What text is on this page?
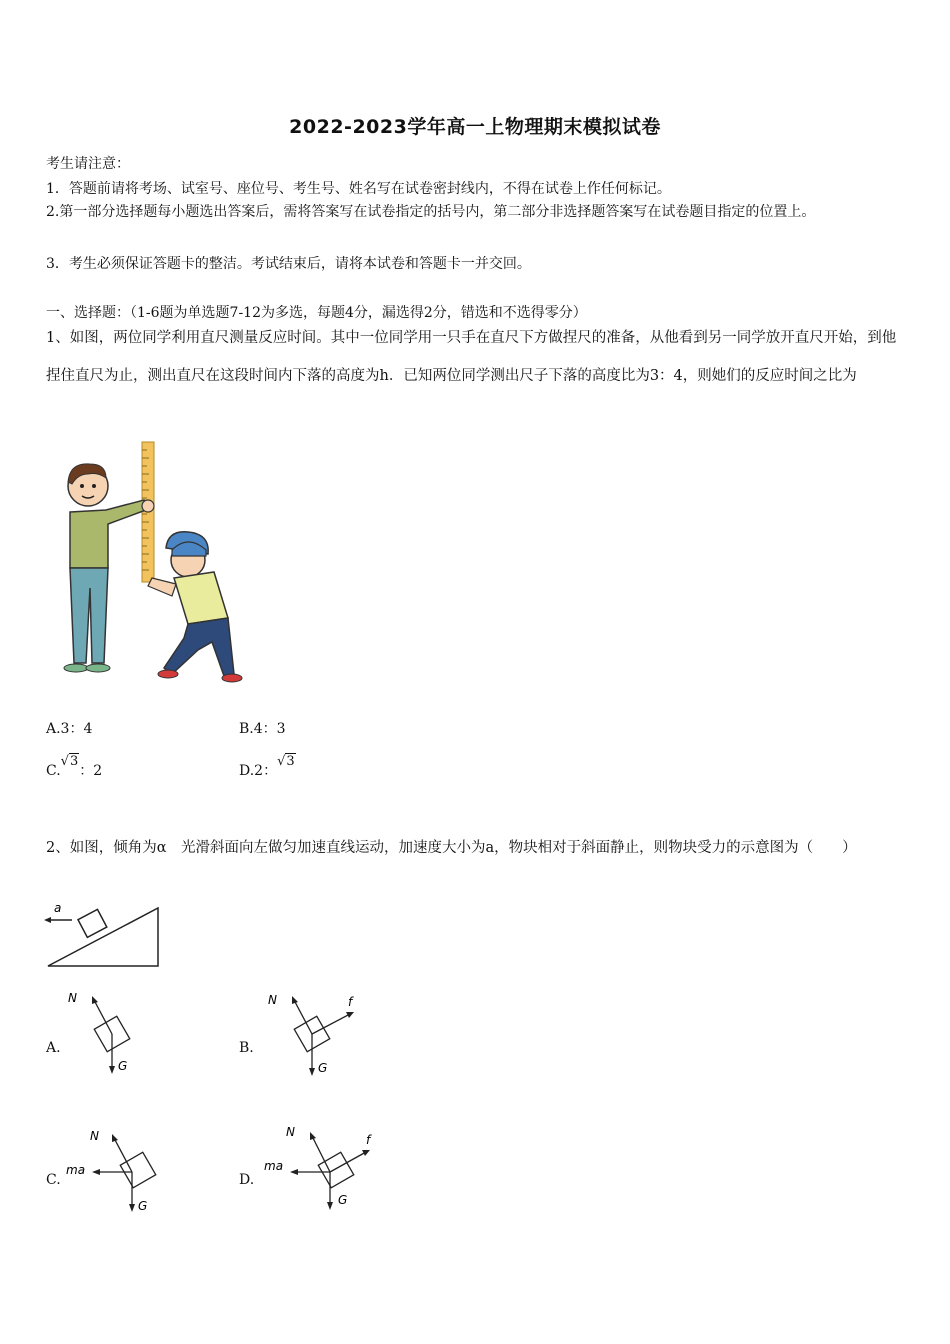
2022-2023学年高一上物理期末模拟试卷
考生请注意：
1．答题前请将考场、试室号、座位号、考生号、姓名写在试卷密封线内，不得在试卷上作任何标记。
2.第一部分选择题每小题选出答案后，需将答案写在试卷指定的括号内，第二部分非选择题答案写在试卷题目指定的位置上。
3．考生必须保证答题卡的整洁。考试结束后，请将本试卷和答题卡一并交回。
一、选择题：（1-6题为单选题7-12为多选，每题4分，漏选得2分，错选和不选得零分）
1、如图，两位同学利用直尺测量反应时间。其中一位同学用一只手在直尺下方做捏尺的准备，从他看到另一同学放开直尺开始，到他捏住直尺为止，测出直尺在这段时间内下落的高度为h．已知两位同学测出尺子下落的高度比为3：4，则她们的反应时间之比为
A.3：4	B.4：3
C.√3：2	D.2：√3
2、如图，倾角为α　光滑斜面向左做匀加速直线运动，加速度大小为a，物块相对于斜面静止，则物块受力的示意图为（　　）
a
A.
N
G
B.
N
G
f
C.
N
G
ma
D.
N
G
ma
f
